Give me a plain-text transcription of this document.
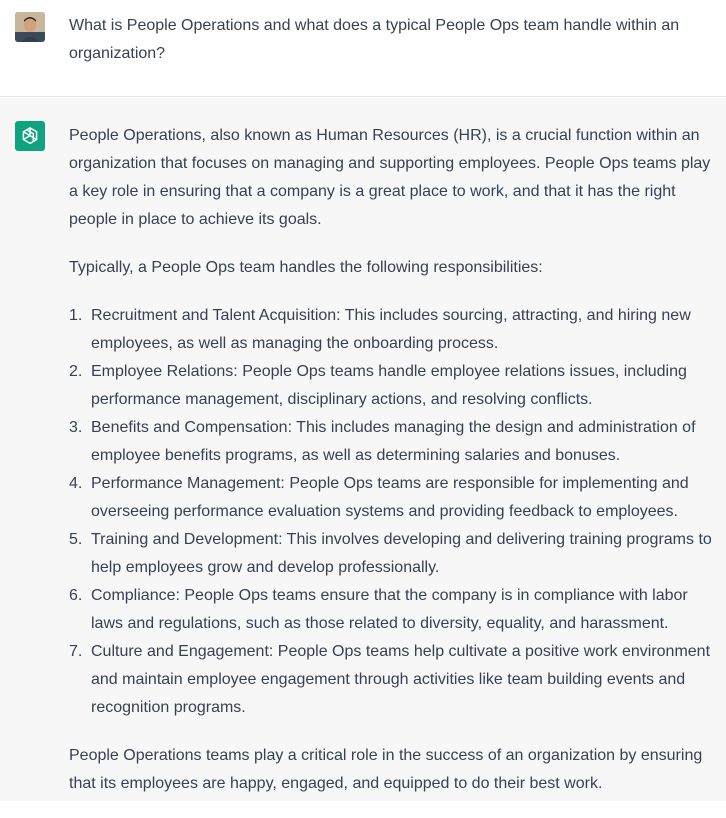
What is People Operations and what does a typical People Ops team handle within an organization?

People Operations, also known as Human Resources (HR), is a crucial function within an organization that focuses on managing and supporting employees. People Ops teams play a key role in ensuring that a company is a great place to work, and that it has the right people in place to achieve its goals.

Typically, a People Ops team handles the following responsibilities:

1. Recruitment and Talent Acquisition: This includes sourcing, attracting, and hiring new employees, as well as managing the onboarding process.
2. Employee Relations: People Ops teams handle employee relations issues, including performance management, disciplinary actions, and resolving conflicts.
3. Benefits and Compensation: This includes managing the design and administration of employee benefits programs, as well as determining salaries and bonuses.
4. Performance Management: People Ops teams are responsible for implementing and overseeing performance evaluation systems and providing feedback to employees.
5. Training and Development: This involves developing and delivering training programs to help employees grow and develop professionally.
6. Compliance: People Ops teams ensure that the company is in compliance with labor laws and regulations, such as those related to diversity, equality, and harassment.
7. Culture and Engagement: People Ops teams help cultivate a positive work environment and maintain employee engagement through activities like team building events and recognition programs.

People Operations teams play a critical role in the success of an organization by ensuring that its employees are happy, engaged, and equipped to do their best work.
